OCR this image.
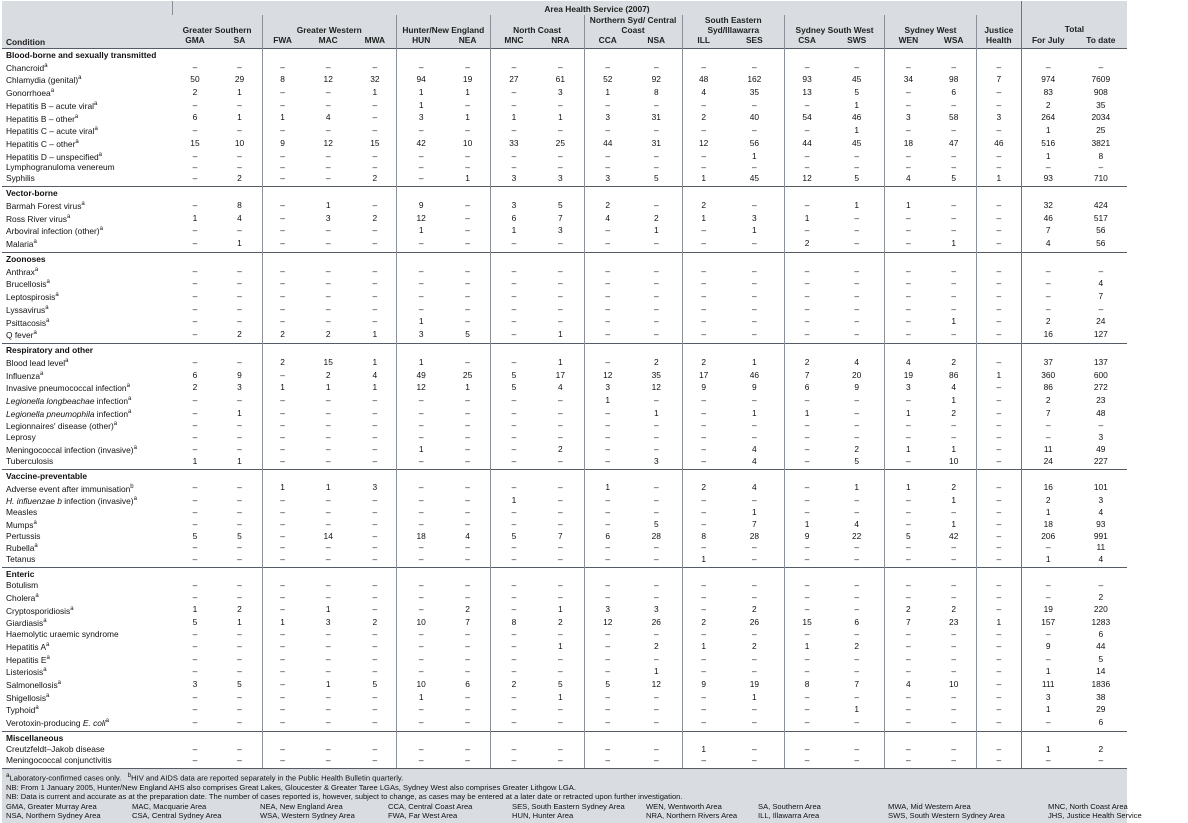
	Area Health Service (2007)																			
	Greater Southern		Greater Western			Hunter/New England		North Coast		Northern Syd/ Central Coast		South Eastern Syd/Illawarra		Sydney South West		Sydney West		Justice	Total	
Condition	GMA	SA	FWA	MAC	MWA	HUN	NEA	MNC	NRA	CCA	NSA	ILL	SES	CSA	SWS	WEN	WSA	Health	For July	To date
Blood-borne and sexually transmitted																				
Chancroid$^a$	–	–	–	–	–	–	–	–	–	–	–	–	–	–	–	–	–	–	–	–
Chlamydia (genital)$^a$	50	29	8	12	32	94	19	27	61	52	92	48	162	93	45	34	98	7	974	7609
Gonorrhoea$^a$	2	1	–	–	1	1	1	–	3	1	8	4	35	13	5	–	6	–	83	908
Hepatitis B – acute viral$^a$	–	–	–	–	–	1	–	–	–	–	–	–	–	–	1	–	–	–	2	35
Hepatitis B – other$^a$	6	1	1	4	–	3	1	1	1	3	31	2	40	54	46	3	58	3	264	2034
Hepatitis C – acute viral$^a$	–	–	–	–	–	–	–	–	–	–	–	–	–	–	1	–	–	–	1	25
Hepatitis C – other$^a$	15	10	9	12	15	42	10	33	25	44	31	12	56	44	45	18	47	46	516	3821
Hepatitis D – unspecified$^a$	–	–	–	–	–	–	–	–	–	–	–	–	1	–	–	–	–	–	1	8
Lymphogranuloma venereum	–	–	–	–	–	–	–	–	–	–	–	–	–	–	–	–	–	–	–	–
Syphilis	–	2	–	–	2	–	1	3	3	3	5	1	45	12	5	4	5	1	93	710
Vector-borne																				
Barmah Forest virus$^a$	–	8	–	1	–	9	–	3	5	2	–	2	–	–	1	1	–	–	32	424
Ross River virus$^a$	1	4	–	3	2	12	–	6	7	4	2	1	3	1	–	–	–	–	46	517
Arboviral infection (other)$^a$	–	–	–	–	–	1	–	1	3	–	1	–	1	–	–	–	–	–	7	56
Malaria$^a$	–	1	–	–	–	–	–	–	–	–	–	–	–	2	–	–	1	–	4	56
Zoonoses																				
Anthrax$^a$	–	–	–	–	–	–	–	–	–	–	–	–	–	–	–	–	–	–	–	–
Brucellosis$^a$	–	–	–	–	–	–	–	–	–	–	–	–	–	–	–	–	–	–	–	4
Leptospirosis$^a$	–	–	–	–	–	–	–	–	–	–	–	–	–	–	–	–	–	–	–	7
Lyssavirus$^a$	–	–	–	–	–	–	–	–	–	–	–	–	–	–	–	–	–	–	–	–
Psittacosis$^a$	–	–	–	–	–	1	–	–	–	–	–	–	–	–	–	–	1	–	2	24
Q fever$^a$	–	2	2	2	1	3	5	–	1	–	–	–	–	–	–	–	–	–	16	127
Respiratory and other																				
Blood lead level$^a$	–	–	2	15	1	1	–	–	1	–	2	2	1	2	4	4	2	–	37	137
Influenza$^a$	6	9	–	2	4	49	25	5	17	12	35	17	46	7	20	19	86	1	360	600
Invasive pneumococcal infection$^a$	2	3	1	1	1	12	1	5	4	3	12	9	9	6	9	3	4	–	86	272
Legionella longbeachae infection$^a$	–	–	–	–	–	–	–	–	–	1	–	–	–	–	–	–	1	–	2	23
Legionella pneumophila infection$^a$	–	1	–	–	–	–	–	–	–	–	1	–	1	1	–	1	2	–	7	48
Legionnaires' disease (other)$^a$	–	–	–	–	–	–	–	–	–	–	–	–	–	–	–	–	–	–	–	–
Leprosy	–	–	–	–	–	–	–	–	–	–	–	–	–	–	–	–	–	–	–	3
Meningococcal infection (invasive)$^a$	–	–	–	–	–	1	–	–	2	–	–	–	4	–	2	1	1	–	11	49
Tuberculosis	1	1	–	–	–	–	–	–	–	–	3	–	4	–	5	–	10	–	24	227
Vaccine-preventable																				
Adverse event after immunisation$^b$	–	–	1	1	3	–	–	–	–	1	–	2	4	–	1	1	2	–	16	101
H. influenzae b infection (invasive)$^a$	–	–	–	–	–	–	–	1	–	–	–	–	–	–	–	–	1	–	2	3
Measles	–	–	–	–	–	–	–	–	–	–	–	–	1	–	–	–	–	–	1	4
Mumps$^a$	–	–	–	–	–	–	–	–	–	–	5	–	7	1	4	–	1	–	18	93
Pertussis	5	5	–	14	–	18	4	5	7	6	28	8	28	9	22	5	42	–	206	991
Rubella$^a$	–	–	–	–	–	–	–	–	–	–	–	–	–	–	–	–	–	–	–	11
Tetanus	–	–	–	–	–	–	–	–	–	–	–	1	–	–	–	–	–	–	1	4
Enteric																				
Botulism	–	–	–	–	–	–	–	–	–	–	–	–	–	–	–	–	–	–	–	–
Cholera$^a$	–	–	–	–	–	–	–	–	–	–	–	–	–	–	–	–	–	–	–	2
Cryptosporidiosis$^a$	1	2	–	1	–	–	2	–	1	3	3	–	2	–	–	2	2	–	19	220
Giardiasis$^a$	5	1	1	3	2	10	7	8	2	12	26	2	26	15	6	7	23	1	157	1283
Haemolytic uraemic syndrome	–	–	–	–	–	–	–	–	–	–	–	–	–	–	–	–	–	–	–	6
Hepatitis $A^a$	–	–	–	–	–	–	–	–	1	–	2	1	2	1	2	–	–	–	9	44
Hepatitis $E^a$	–	–	–	–	–	–	–	–	–	–	–	–	–	–	–	–	–	–	–	5
Listeriosis$^a$	–	–	–	–	–	–	–	–	–	–	1	–	–	–	–	–	–	–	1	14
Salmonellosis$^a$	3	5	–	1	5	10	6	2	5	5	12	9	19	8	7	4	10	–	111	1836
Shigellosis$^a$	–	–	–	–	–	1	–	–	1	–	–	–	1	–	–	–	–	–	3	38
Typhoid$^a$	–	–	–	–	–	–	–	–	–	–	–	–	–	–	1	–	–	–	1	29
Verotoxin-producing E. coli$^a$	–	–	–	–	–	–	–	–	–	–	–	–	–	–	–	–	–	–	–	6
Miscellaneous																				
Creutzfeldt–Jakob disease	–	–	–	–	–	–	–	–	–	–	–	1	–	–	–	–	–	–	1	2
Meningococcal conjunctivitis	–	–	–	–	–	–	–	–	–	–	–	–	–	–	–	–	–	–	–	–
$^a$Laboratory-confirmed cases only. $^b$HIV and AIDS data are reported separately in the Public Health Bulletin quarterly.
NB: From 1 January 2005, Hunter/New England AHS also comprises Great Lakes, Gloucester & Greater Taree LGAs, Sydney West also comprises Greater Lithgow LGA.
NB: Data is current and accurate as at the preparation date. The number of cases reported is, however, subject to change, as cases may be entered at a later date or retracted upon further investigation.
GMA, Greater Murray Area	MAC, Macquarie Area	NEA, New England Area	CCA, Central Coast Area	SES, South Eastern Sydney Area	WEN, Wentworth Area	SA, Southern Area	MWA, Mid Western Area	MNC, North Coast Area
NSA, Northern Sydney Area	CSA, Central Sydney Area	WSA, Western Sydney Area	FWA, Far West Area	HUN, Hunter Area	NRA, Northern Rivers Area	ILL, Illawarra Area	SWS, South Western Sydney Area	JHS, Justice Health Service
